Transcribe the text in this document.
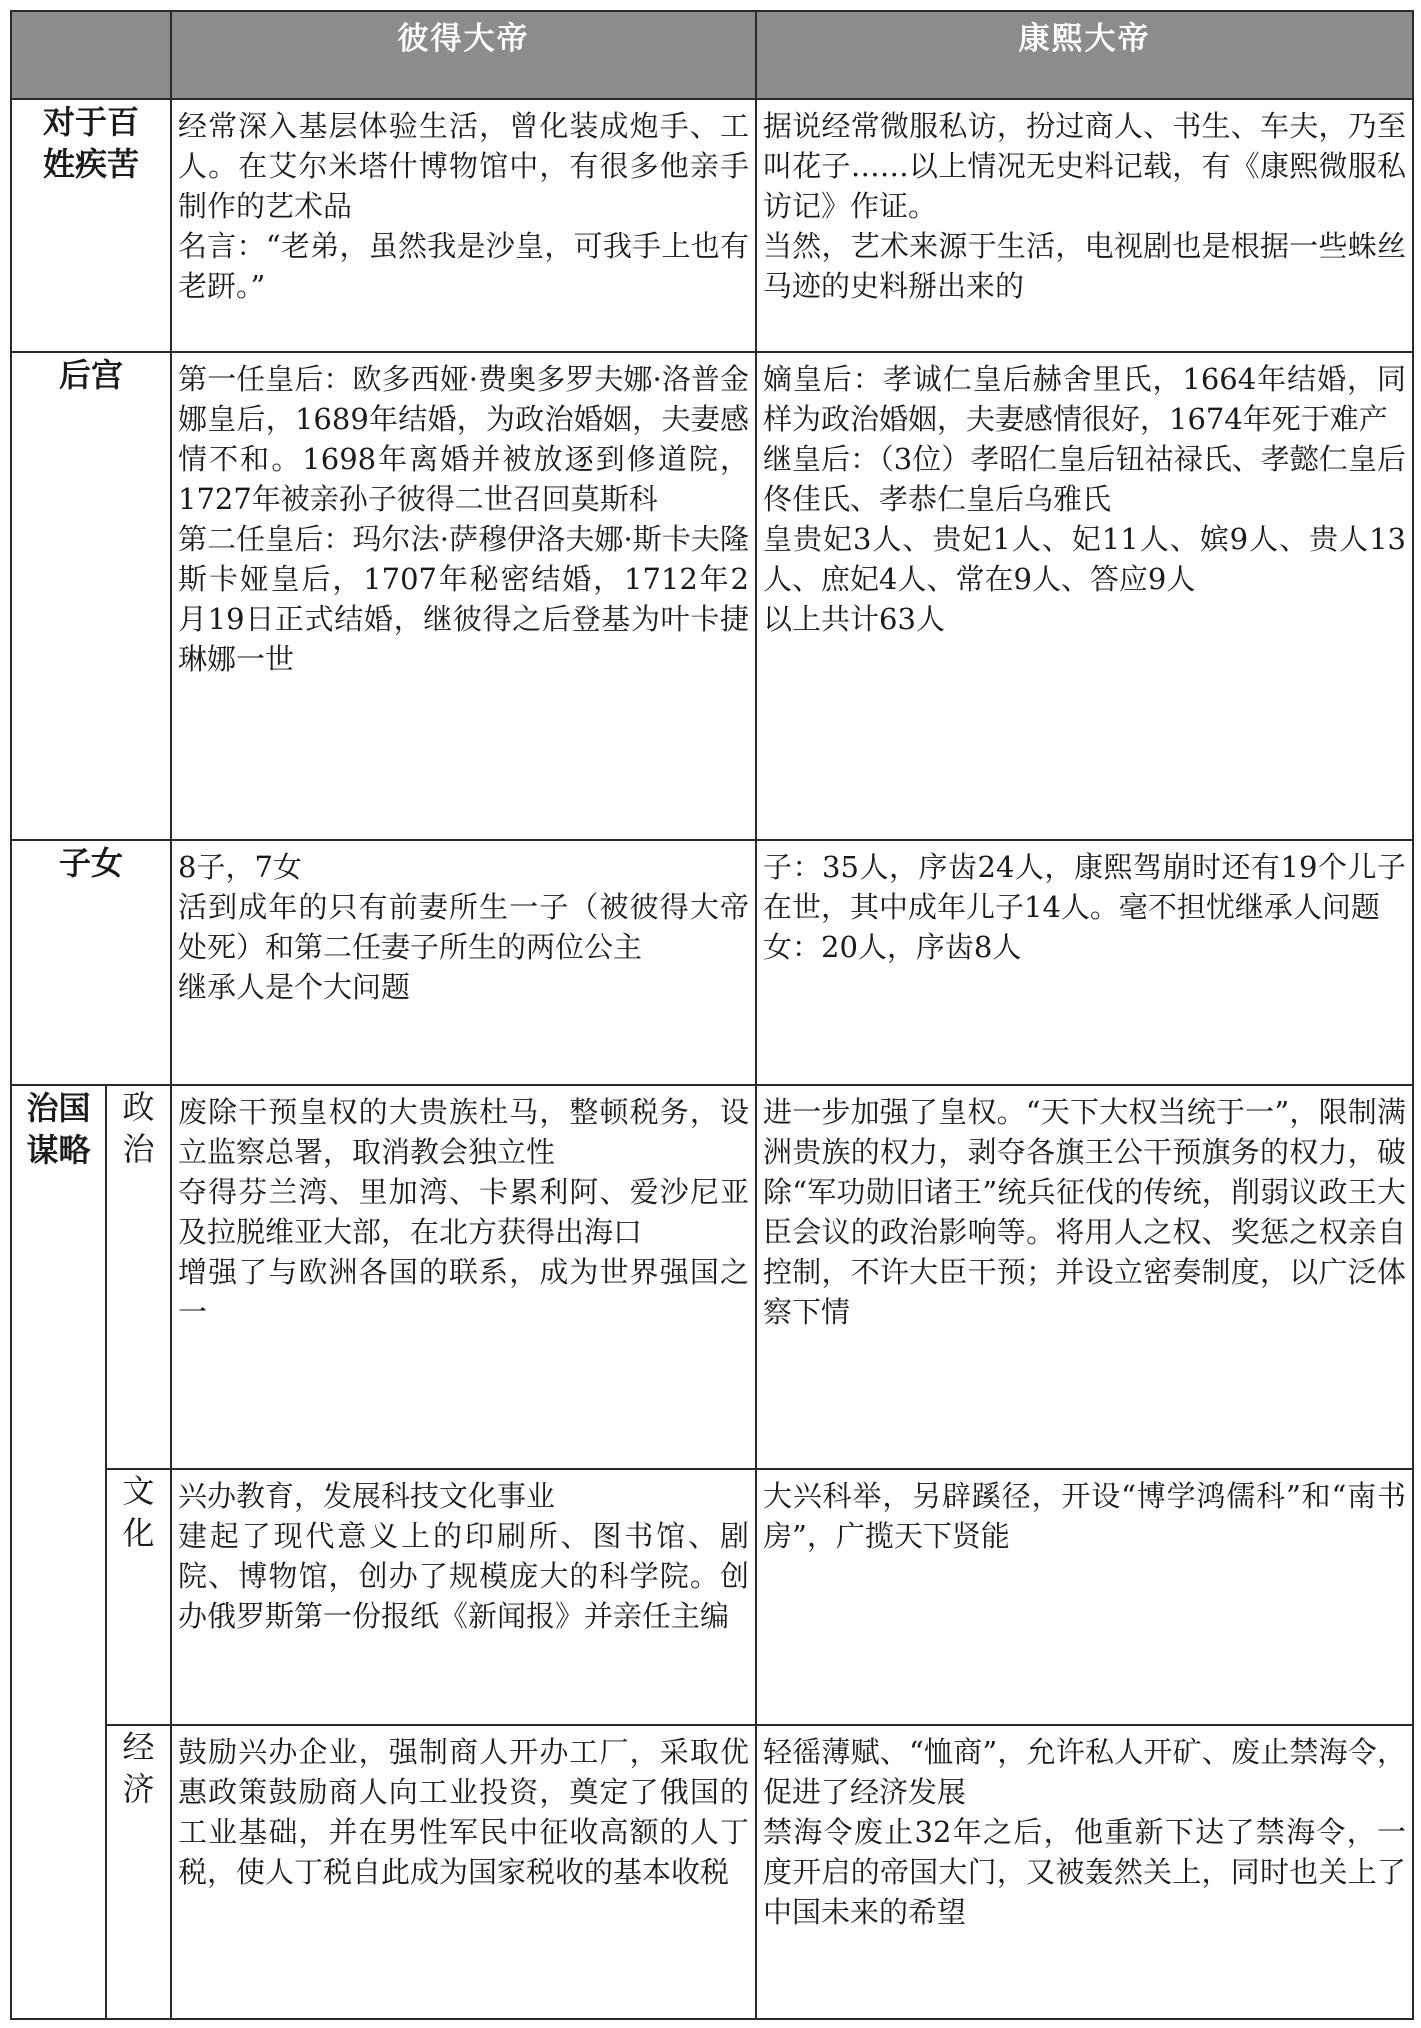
		彼得大帝	康熙大帝
对于百姓疾苦		经常深入基层体验生活，曾化装成炮手、工人。在艾尔米塔什博物馆中，有很多他亲手制作的艺术品
名言：“老弟，虽然我是沙皇，可我手上也有老趼。”	据说经常微服私访，扮过商人、书生、车夫，乃至叫花子……以上情况无史料记载，有《康熙微服私访记》作证。
当然，艺术来源于生活，电视剧也是根据一些蛛丝马迹的史料掰出来的

后宫		第一任皇后：欧多西娅·费奥多罗夫娜·洛普金娜皇后，1689年结婚，为政治婚姻，夫妻感情不和。1698年离婚并被放逐到修道院，1727年被亲孙子彼得二世召回莫斯科
第二任皇后：玛尔法·萨穆伊洛夫娜·斯卡夫隆斯卡娅皇后，1707年秘密结婚，1712年2月19日正式结婚，继彼得之后登基为叶卡捷琳娜一世	嫡皇后：孝诚仁皇后赫舍里氏，1664年结婚，同样为政治婚姻，夫妻感情很好，1674年死于难产
继皇后：（3位）孝昭仁皇后钮祜禄氏、孝懿仁皇后佟佳氏、孝恭仁皇后乌雅氏
皇贵妃3人、贵妃1人、妃11人、嫔9人、贵人13人、庶妃4人、常在9人、答应9人
以上共计63人

子女		8子，7女
活到成年的只有前妻所生一子（被彼得大帝处死）和第二任妻子所生的两位公主
继承人是个大问题	子：35人，序齿24人，康熙驾崩时还有19个儿子在世，其中成年儿子14人。毫不担忧继承人问题
女：20人，序齿8人

治国谋略	政治	废除干预皇权的大贵族杜马，整顿税务，设立监察总署，取消教会独立性
夺得芬兰湾、里加湾、卡累利阿、爱沙尼亚及拉脱维亚大部，在北方获得出海口
增强了与欧洲各国的联系，成为世界强国之一	进一步加强了皇权。“天下大权当统于一”，限制满洲贵族的权力，剥夺各旗王公干预旗务的权力，破除“军功勋旧诸王”统兵征伐的传统，削弱议政王大臣会议的政治影响等。将用人之权、奖惩之权亲自控制，不许大臣干预；并设立密奏制度，以广泛体察下情

	文化	兴办教育，发展科技文化事业
建起了现代意义上的印刷所、图书馆、剧院、博物馆，创办了规模庞大的科学院。创办俄罗斯第一份报纸《新闻报》并亲任主编	大兴科举，另辟蹊径，开设“博学鸿儒科”和“南书房”，广揽天下贤能

	经济	鼓励兴办企业，强制商人开办工厂，采取优惠政策鼓励商人向工业投资，奠定了俄国的工业基础，并在男性军民中征收高额的人丁税，使人丁税自此成为国家税收的基本收税	轻徭薄赋、“恤商”，允许私人开矿、废止禁海令，促进了经济发展
禁海令废止32年之后，他重新下达了禁海令，一度开启的帝国大门，又被轰然关上，同时也关上了中国未来的希望
